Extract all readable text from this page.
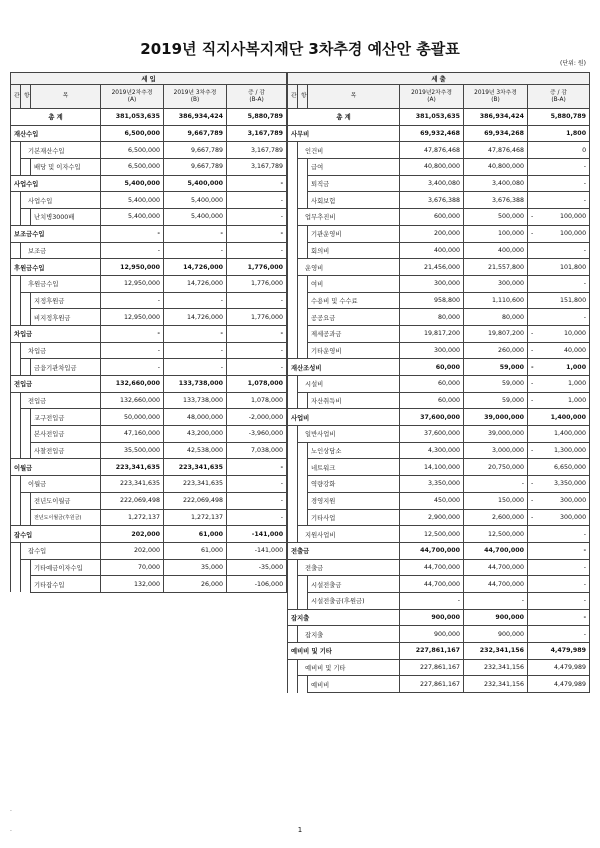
2019년 직지사복지재단 3차추경 예산안 총괄표
(단위: 원)
세 입					
관	항	목	2019년2차추경
(A)	2019년 3차추경
(B)	증 / 감
(B-A)
총 계			381,053,635	386,934,424	5,880,789
재산수입			6,500,000	9,667,789	3,167,789
	기본재산수입		6,500,000	9,667,789	3,167,789
		배당 및 이자수입	6,500,000	9,667,789	3,167,789
사업수입			5,400,000	5,400,000	-
	사업수입		5,400,000	5,400,000	-
		난치병3000배	5,400,000	5,400,000	-
보조금수입			-	-	-
	보조금		-	-	-
후원금수입			12,950,000	14,726,000	1,776,000
	후원금수입		12,950,000	14,726,000	1,776,000
		지정후원금	-	-	-
		비지정후원금	12,950,000	14,726,000	1,776,000
차입금			-	-	-
	차입금		-	-	-
		금융기관차입금	-	-	-
전입금			132,660,000	133,738,000	1,078,000
	전입금		132,660,000	133,738,000	1,078,000
		교구전입금	50,000,000	48,000,000	-2,000,000
		본사전입금	47,160,000	43,200,000	-3,960,000
		사찰전입금	35,500,000	42,538,000	7,038,000
이월금			223,341,635	223,341,635	-
	이월금		223,341,635	223,341,635	-
		전년도이월금	222,069,498	222,069,498	-
		전년도이월금(후원금)	1,272,137	1,272,137	-
잡수입			202,000	61,000	-141,000
	잡수입		202,000	61,000	-141,000
		기타예금이자수입	70,000	35,000	-35,000
		기타잡수입	132,000	26,000	-106,000
세 출					
관	항	목	2019년2차추경
(A)	2019년 3차추경
(B)	증 / 감
(B-A)
총 계			381,053,635	386,934,424	5,880,789
사무비			69,932,468	69,934,268	1,800
	인건비		47,876,468	47,876,468	0
		급여	40,800,000	40,800,000	-
		퇴직금	3,400,080	3,400,080	-
		사회보험	3,676,388	3,676,388	-
	업무추진비		600,000	500,000	- 100,000
		기관운영비	200,000	100,000	- 100,000
		회의비	400,000	400,000	-
	운영비		21,456,000	21,557,800	101,800
		여비	300,000	300,000	-
		수용비 및 수수료	958,800	1,110,600	151,800
		공공요금	80,000	80,000	-
		제세공과금	19,817,200	19,807,200	- 10,000
		기타운영비	300,000	260,000	- 40,000
재산조성비			60,000	59,000	- 1,000
	시설비		60,000	59,000	- 1,000
		자산취득비	60,000	59,000	- 1,000
사업비			37,600,000	39,000,000	1,400,000
	일반사업비		37,600,000	39,000,000	1,400,000
		노인상담소	4,300,000	3,000,000	- 1,300,000
		네트워크	14,100,000	20,750,000	6,650,000
		역량강화	3,350,000	-	- 3,350,000
		경영지원	450,000	150,000	- 300,000
		기타사업	2,900,000	2,600,000	- 300,000
	지원사업비		12,500,000	12,500,000	-
전출금			44,700,000	44,700,000	-
	전출금		44,700,000	44,700,000	-
		시설전출금	44,700,000	44,700,000	-
		시설전출금(후원금)	-	-	-
잡지출			900,000	900,000	-
	잡지출		900,000	900,000	-
예비비 및 기타			227,861,167	232,341,156	4,479,989
	예비비 및 기타		227,861,167	232,341,156	4,479,989
		예비비	227,861,167	232,341,156	4,479,989
1
.
.
